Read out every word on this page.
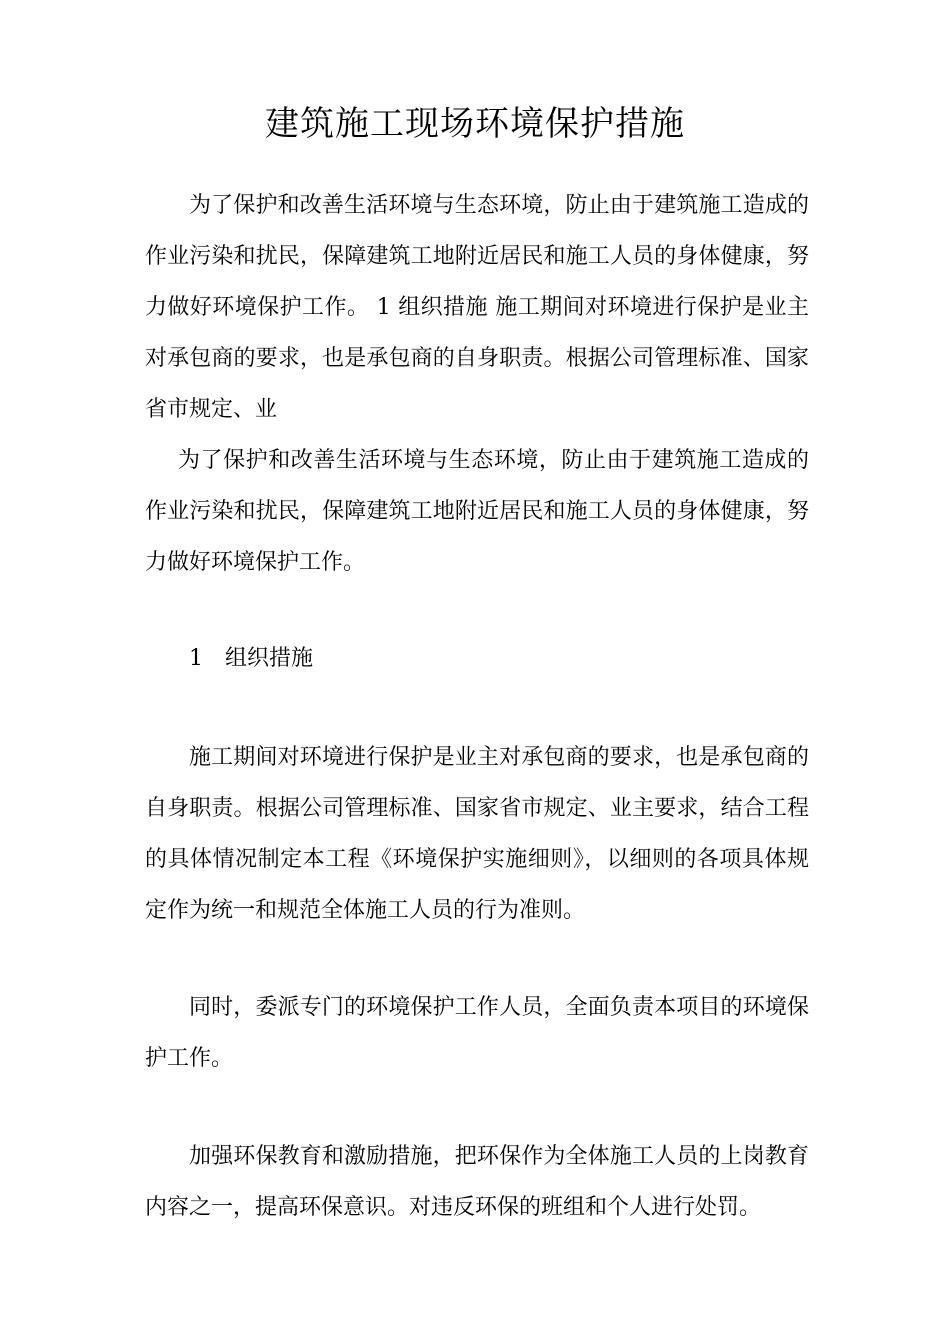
建筑施工现场环境保护措施

为了保护和改善生活环境与生态环境，防止由于建筑施工造成的作业污染和扰民，保障建筑工地附近居民和施工人员的身体健康，努力做好环境保护工作。 1 组织措施 施工期间对环境进行保护是业主对承包商的要求，也是承包商的自身职责。根据公司管理标准、国家省市规定、业

为了保护和改善生活环境与生态环境，防止由于建筑施工造成的作业污染和扰民，保障建筑工地附近居民和施工人员的身体健康，努力做好环境保护工作。

1　组织措施

施工期间对环境进行保护是业主对承包商的要求，也是承包商的自身职责。根据公司管理标准、国家省市规定、业主要求，结合工程的具体情况制定本工程《环境保护实施细则》，以细则的各项具体规定作为统一和规范全体施工人员的行为准则。

同时，委派专门的环境保护工作人员，全面负责本项目的环境保护工作。

加强环保教育和激励措施，把环保作为全体施工人员的上岗教育内容之一，提高环保意识。对违反环保的班组和个人进行处罚。
